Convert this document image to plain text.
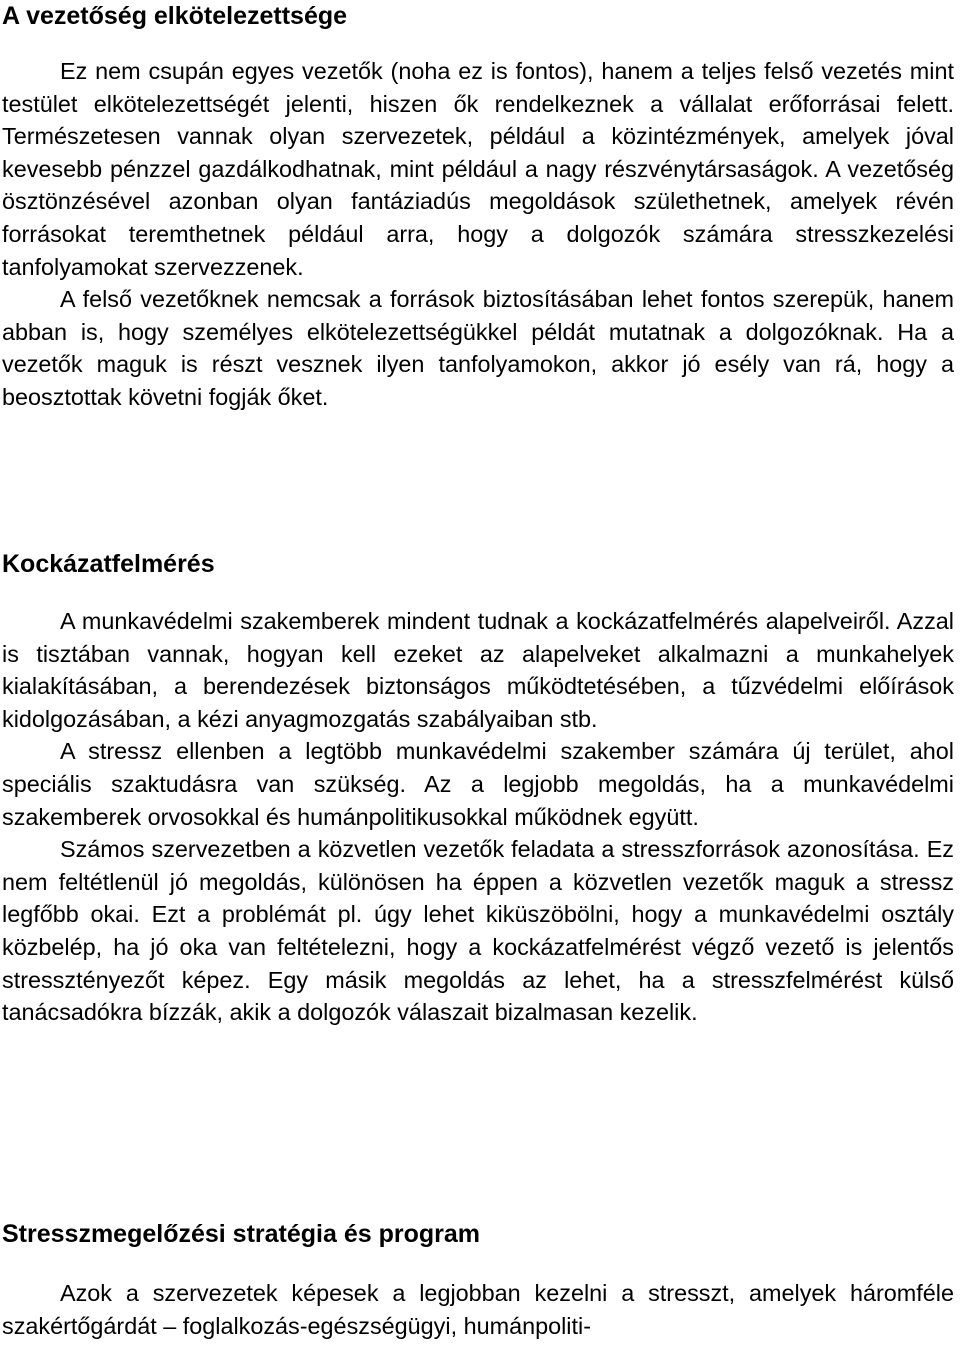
A vezetőség elkötelezettsége

Ez nem csupán egyes vezetők (noha ez is fontos), hanem a teljes felső vezetés mint testület elkötelezettségét jelenti, hiszen ők rendelkeznek a vállalat erőforrásai felett. Természetesen vannak olyan szervezetek, például a közintézmények, amelyek jóval kevesebb pénzzel gazdálkodhatnak, mint például a nagy részvénytársaságok. A vezetőség ösztönzésével azonban olyan fantáziadús megoldások születhetnek, amelyek révén forrásokat teremthetnek például arra, hogy a dolgozók számára stresszkezelési tanfolyamokat szervezzenek.

A felső vezetőknek nemcsak a források biztosításában lehet fontos szerepük, hanem abban is, hogy személyes elkötelezettségükkel példát mutatnak a dolgozóknak. Ha a vezetők maguk is részt vesznek ilyen tanfolyamokon, akkor jó esély van rá, hogy a beosztottak követni fogják őket.

Kockázatfelmérés

A munkavédelmi szakemberek mindent tudnak a kockázatfelmérés alapelveiről. Azzal is tisztában vannak, hogyan kell ezeket az alapelveket alkalmazni a munkahelyek kialakításában, a berendezések biztonságos működtetésében, a tűzvédelmi előírások kidolgozásában, a kézi anyagmozgatás szabályaiban stb.

A stressz ellenben a legtöbb munkavédelmi szakember számára új terület, ahol speciális szaktudásra van szükség. Az a legjobb megoldás, ha a munkavédelmi szakemberek orvosokkal és humánpolitikusokkal működnek együtt.

Számos szervezetben a közvetlen vezetők feladata a stresszforrások azonosítása. Ez nem feltétlenül jó megoldás, különösen ha éppen a közvetlen vezetők maguk a stressz legfőbb okai. Ezt a problémát pl. úgy lehet kiküszöbölni, hogy a munkavédelmi osztály közbelép, ha jó oka van feltételezni, hogy a kockázatfelmérést végző vezető is jelentős stressztényezőt képez. Egy másik megoldás az lehet, ha a stresszfelmérést külső tanácsadókra bízzák, akik a dolgozók válaszait bizalmasan kezelik.

Stresszmegelőzési stratégia és program

Azok a szervezetek képesek a legjobban kezelni a stresszt, amelyek háromféle szakértőgárdát – foglalkozás-egészségügyi, humánpoliti-
